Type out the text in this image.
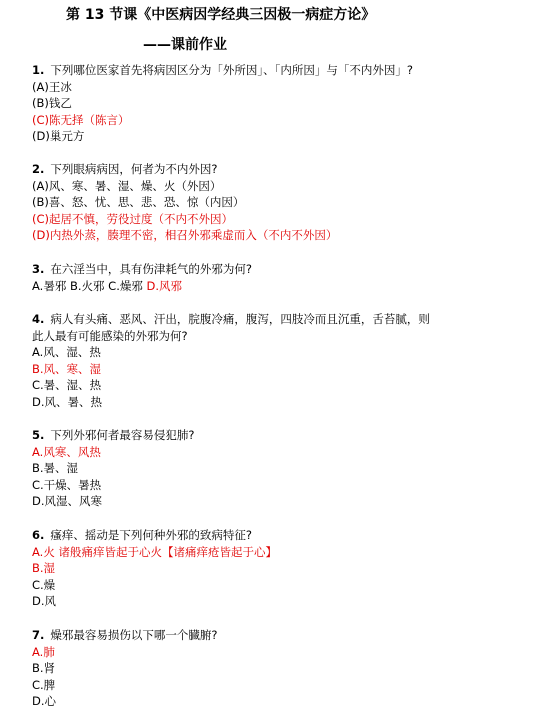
第 13 节课《中医病因学经典三因极一病症方论》
——课前作业
1. 下列哪位医家首先将病因区分为「外所因」、「内所因」与「不内外因」?
(A)王冰
(B)钱乙
(C)陈无择（陈言）
(D)巢元方
2. 下列眼病病因，何者为不内外因?
(A)风、寒、暑、湿、燥、火（外因）
(B)喜、怒、忧、思、悲、恐、惊（内因）
(C)起居不慎，劳役过度（不内不外因）
(D)内热外蒸，腠理不密，相召外邪乘虚而入（不内不外因）
3. 在六淫当中，具有伤津耗气的外邪为何?
A.暑邪 B.火邪 C.燥邪 D.风邪
4. 病人有头痛、恶风、汗出，脘腹冷痛，腹泻，四肢冷而且沉重，舌苔腻，则
此人最有可能感染的外邪为何?
A.风、湿、热
B.风、寒、湿
C.暑、湿、热
D.风、暑、热
5. 下列外邪何者最容易侵犯肺?
A.风寒、风热
B.暑、湿
C.干燥、暑热
D.风湿、风寒
6. 瘙痒、摇动是下列何种外邪的致病特征?
A.火 诸般痛痒皆起于心火【诸痛痒疮皆起于心】
B.湿
C.燥
D.风
7. 燥邪最容易损伤以下哪一个臓腑?
A.肺
B.肾
C.脾
D.心
